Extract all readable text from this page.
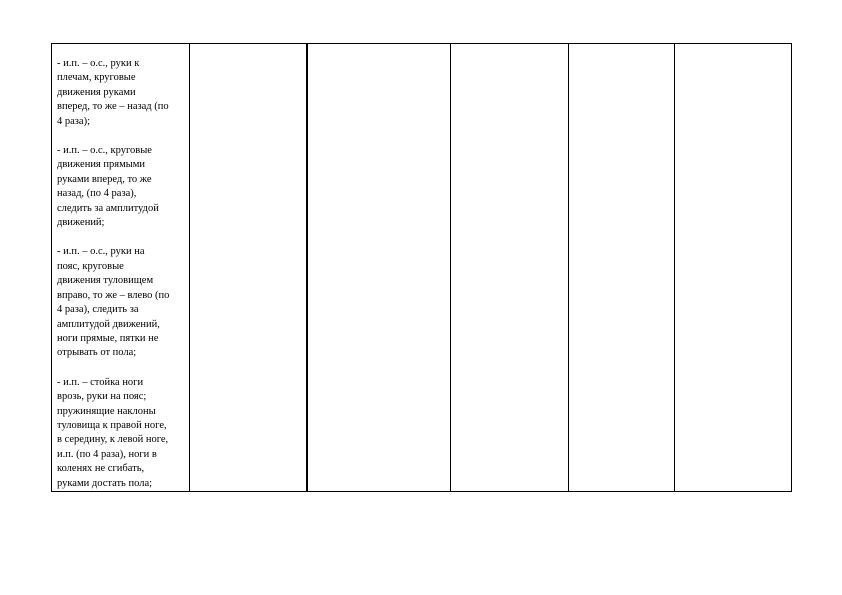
- и.п. – о.с., руки к
плечам, круговые
движения руками
вперед, то же – назад (по
4 раза);

- и.п. – о.с., круговые
движения прямыми
руками вперед, то же
назад, (по 4 раза),
следить за амплитудой
движений;

- и.п. – о.с., руки на
пояс, круговые
движения туловищем
вправо, то же – влево (по
4 раза), следить за
амплитудой движений,
ноги прямые, пятки не
отрывать от пола;

- и.п. – стойка ноги
врозь, руки на пояс;
пружинящие наклоны
туловища к правой ноге,
в середину, к левой ноге,
и.п. (по 4 раза), ноги в
коленях не сгибать,
руками достать пола;
